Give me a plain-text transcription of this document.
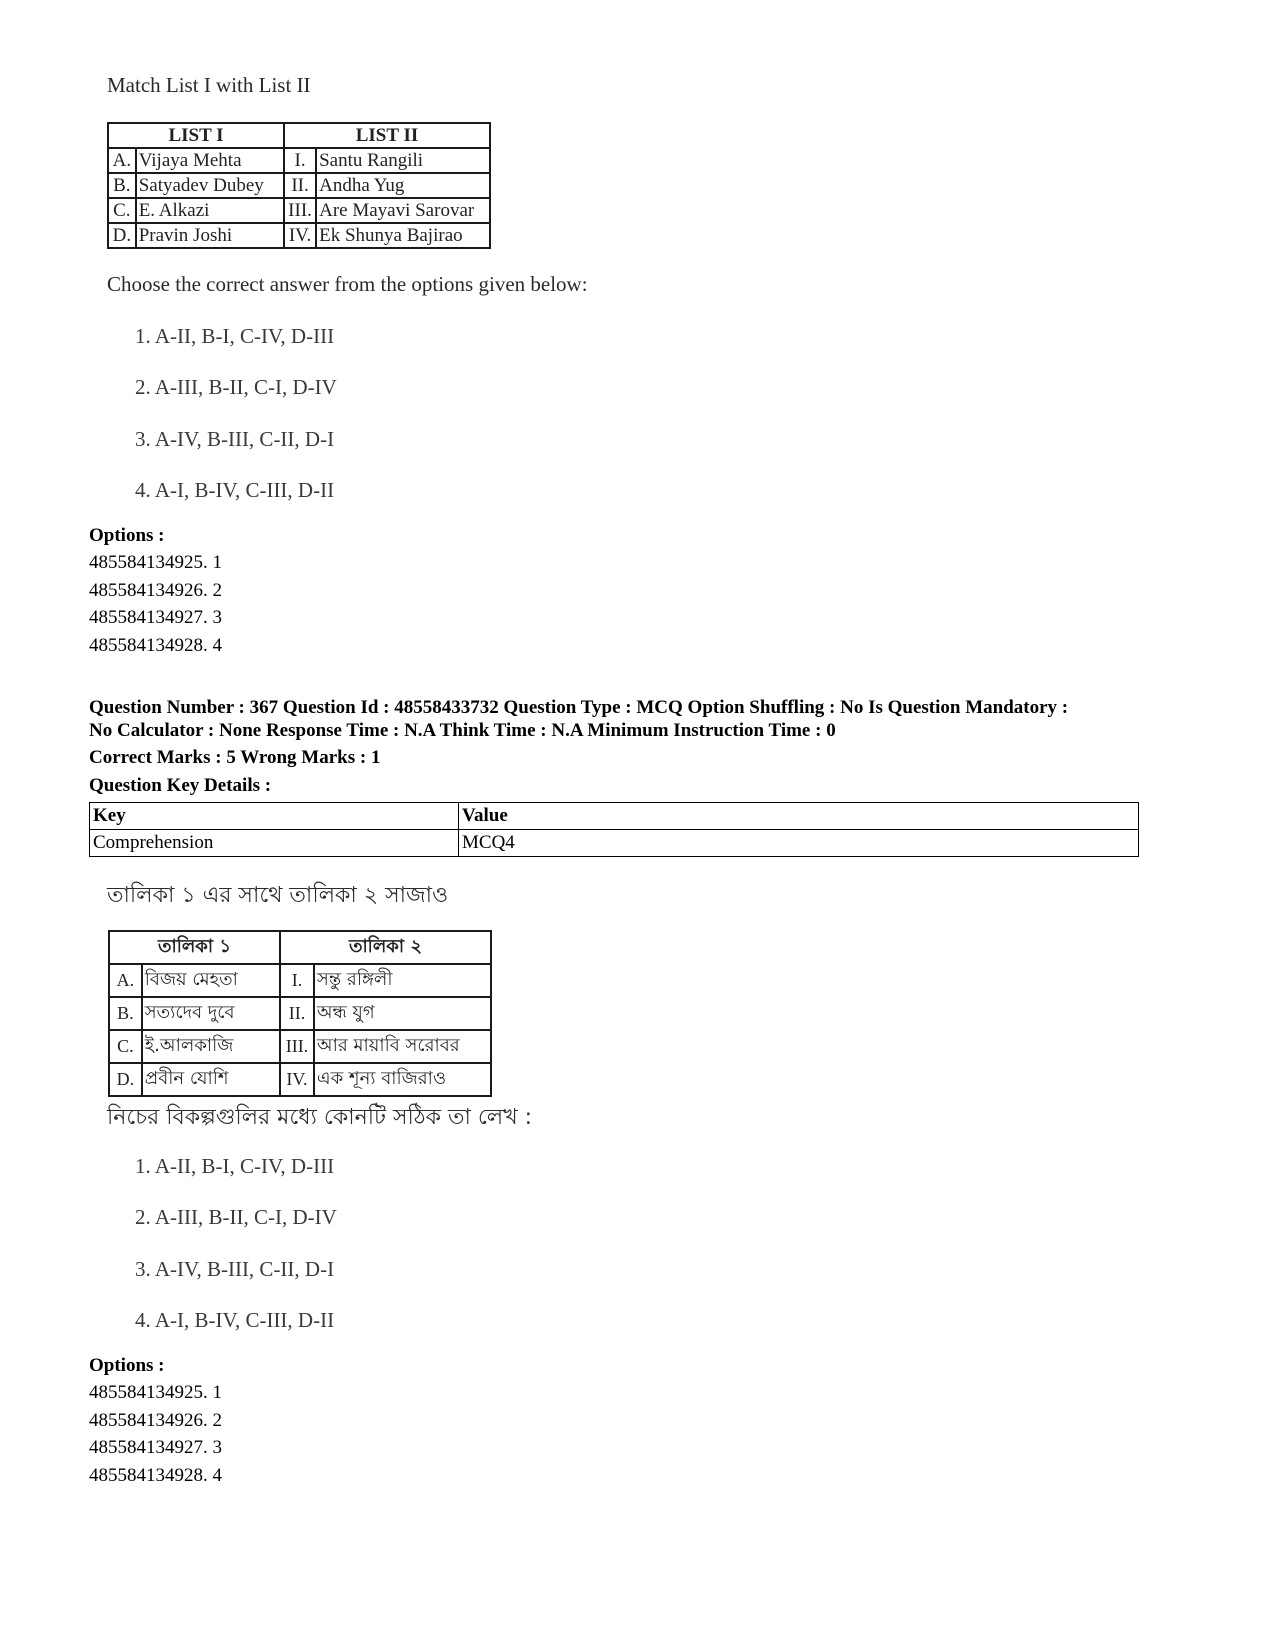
Match List I with List II
LIST I		LIST II	
A.	Vijaya Mehta	I.	Santu Rangili
B.	Satyadev Dubey	II.	Andha Yug
C.	E. Alkazi	III.	Are Mayavi Sarovar
D.	Pravin Joshi	IV.	Ek Shunya Bajirao
Choose the correct answer from the options given below:
1. A-II, B-I, C-IV, D-III
2. A-III, B-II, C-I, D-IV
3. A-IV, B-III, C-II, D-I
4. A-I, B-IV, C-III, D-II
Options :
485584134925. 1
485584134926. 2
485584134927. 3
485584134928. 4
Question Number : 367 Question Id : 48558433732 Question Type : MCQ Option Shuffling : No Is Question Mandatory :
No Calculator : None Response Time : N.A Think Time : N.A Minimum Instruction Time : 0
Correct Marks : 5 Wrong Marks : 1
Question Key Details :
Key	Value
Comprehension	MCQ4
তালিকা ১ এর সাথে তালিকা ২ সাজাও
তালিকা ১		তালিকা ২	
A.	বিজয় মেহতা	I.	সন্তু রঙ্গিলী
B.	সত্যদেব দুবে	II.	অন্ধ যুগ
C.	ই.আলকাজি	III.	আর মায়াবি সরোবর
D.	প্রবীন যোশি	IV.	এক শূন্য বাজিরাও
নিচের বিকল্পগুলির মধ্যে কোনটি সঠিক তা লেখ :
1. A-II, B-I, C-IV, D-III
2. A-III, B-II, C-I, D-IV
3. A-IV, B-III, C-II, D-I
4. A-I, B-IV, C-III, D-II
Options :
485584134925. 1
485584134926. 2
485584134927. 3
485584134928. 4
